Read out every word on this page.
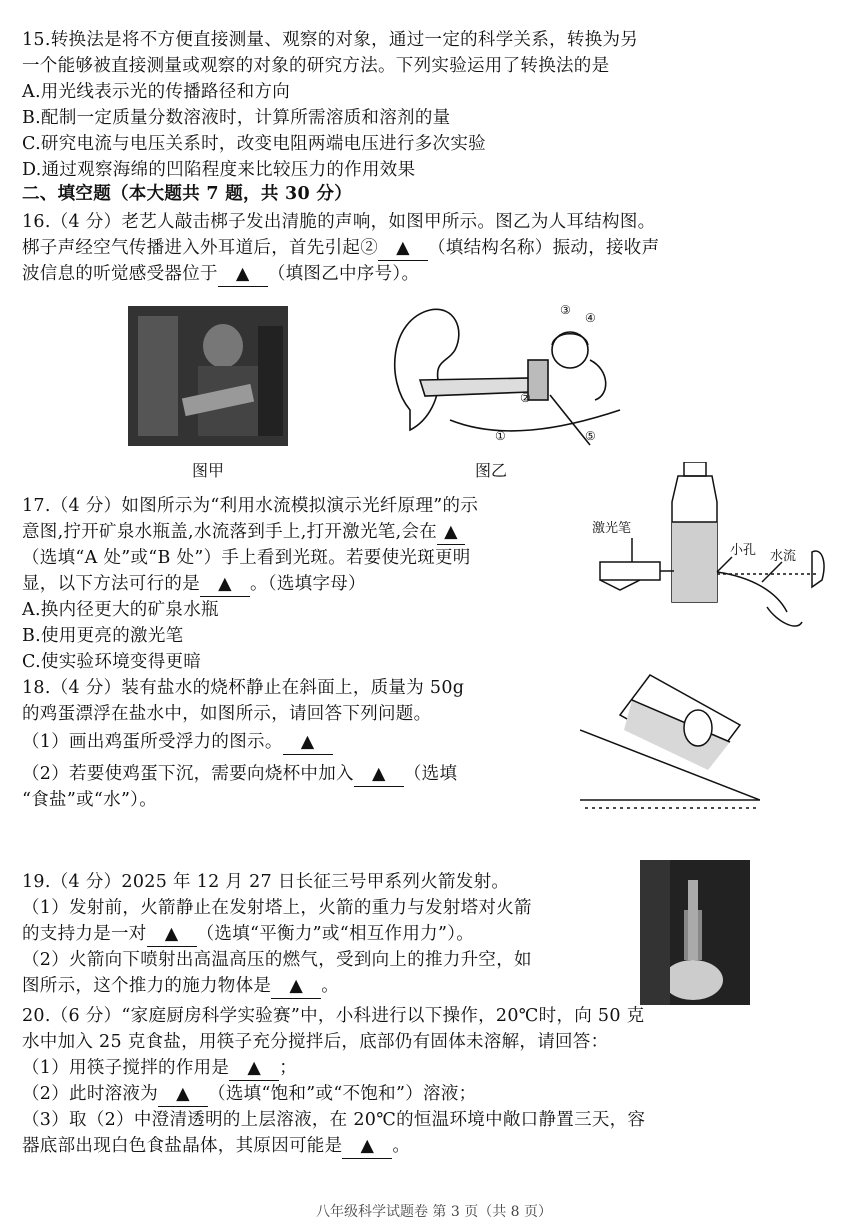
15.转换法是将不方便直接测量、观察的对象，通过一定的科学关系，转换为另
一个能够被直接测量或观察的对象的研究方法。下列实验运用了转换法的是
A.用光线表示光的传播路径和方向
B.配制一定质量分数溶液时，计算所需溶质和溶剂的量
C.研究电流与电压关系时，改变电阻两端电压进行多次实验
D.通过观察海绵的凹陷程度来比较压力的作用效果
二、填空题（本大题共 7 题，共 30 分）
16.（4 分）老艺人敲击梆子发出清脆的声响，如图甲所示。图乙为人耳结构图。
梆子声经空气传播进入外耳道后，首先引起② ▲ （填结构名称）振动，接收声
波信息的听觉感受器位于 ▲ （填图乙中序号）。
图甲
③
④
②
①	⑤
图乙
17.（4 分）如图所示为“利用水流模拟演示光纤原理”的示
意图,拧开矿泉水瓶盖,水流落到手上,打开激光笔,会在 ▲
（选填“A 处”或“B 处”）手上看到光斑。若要使光斑更明
显，以下方法可行的是 ▲ 。（选填字母）
A.换内径更大的矿泉水瓶
B.使用更亮的激光笔
C.使实验环境变得更暗
激光笔
小孔 水流
18.（4 分）装有盐水的烧杯静止在斜面上，质量为 50g
的鸡蛋漂浮在盐水中，如图所示，请回答下列问题。
（1）画出鸡蛋所受浮力的图示。 ▲
（2）若要使鸡蛋下沉，需要向烧杯中加入 ▲ （选填
“食盐”或“水”）。
19.（4 分）2025 年 12 月 27 日长征三号甲系列火箭发射。
（1）发射前，火箭静止在发射塔上，火箭的重力与发射塔对火箭
的支持力是一对 ▲ （选填“平衡力”或“相互作用力”）。
（2）火箭向下喷射出高温高压的燃气，受到向上的推力升空，如
图所示，这个推力的施力物体是 ▲ 。
20.（6 分）“家庭厨房科学实验赛”中，小科进行以下操作，20℃时，向 50 克
水中加入 25 克食盐，用筷子充分搅拌后，底部仍有固体未溶解，请回答：
（1）用筷子搅拌的作用是 ▲ ；
（2）此时溶液为 ▲ （选填“饱和”或“不饱和”）溶液；
（3）取（2）中澄清透明的上层溶液，在 20℃的恒温环境中敞口静置三天，容
器底部出现白色食盐晶体，其原因可能是 ▲ 。
八年级科学试题卷 第 3 页（共 8 页）
